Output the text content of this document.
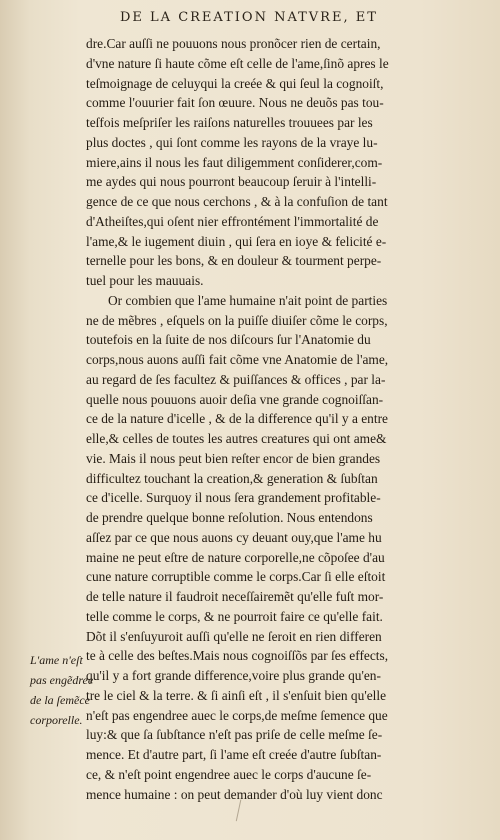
DE LA CREATION NATVRE, ET
dre.Car auſſi ne pouuons nous pronõcer rien de certain,
d'vne nature ſi haute cõme eſt celle de l'ame,ſinõ apres le
teſmoignage de celuyqui la creée & qui ſeul la cognoiſt,
comme l'ouurier fait ſon œuure. Nous ne deuõs pas tou-
teſfois meſpriſer les raiſons naturelles trouuees par les
plus doctes , qui ſont comme les rayons de la vraye lu-
miere,ains il nous les faut diligemment conſiderer,com-
me aydes qui nous pourront beaucoup ſeruir à l'intelli-
gence de ce que nous cerchons , & à la confuſion de tant
d'Atheiſtes,qui oſent nier effrontément l'immortalité de
l'ame,& le iugement diuin , qui ſera en ioye & felicité e-
ternelle pour les bons, & en douleur & tourment perpe-
tuel pour les mauuais.
Or combien que l'ame humaine n'ait point de parties
ne de mẽbres , eſquels on la puiſſe diuiſer cõme le corps,
toutefois en la ſuite de nos diſcours ſur l'Anatomie du
corps,nous auons auſſi fait cõme vne Anatomie de l'ame,
au regard de ſes facultez & puiſſances & offices , par la-
quelle nous pouuons auoir deſia vne grande cognoiſſan-
ce de la nature d'icelle , & de la difference qu'il y a entre
elle,& celles de toutes les autres creatures qui ont ame&
vie. Mais il nous peut bien reſter encor de bien grandes
difficultez touchant la creation,& generation & ſubſtan
ce d'icelle. Surquoy il nous ſera grandement profitable-
de prendre quelque bonne reſolution. Nous entendons
aſſez par ce que nous auons cy deuant ouy,que l'ame hu
maine ne peut eſtre de nature corporelle,ne cõpoſee d'au
cune nature corruptible comme le corps.Car ſi elle eſtoit
de telle nature il faudroit neceſſairemẽt qu'elle fuſt mor-
telle comme le corps, & ne pourroit faire ce qu'elle fait.
Dõt il s'enſuyuroit auſſi qu'elle ne ſeroit en rien differen
te à celle des beſtes.Mais nous cognoiſſõs par ſes effects,
qu'il y a fort grande difference,voire plus grande qu'en-
tre le ciel & la terre. & ſi ainſi eſt , il s'enſuit bien qu'elle
n'eſt pas engendree auec le corps,de meſme ſemence que
luy:& que ſa ſubſtance n'eſt pas priſe de celle meſme ſe-
mence. Et d'autre part, ſi l'ame eſt creée d'autre ſubſtan-
ce, & n'eſt point engendree auec le corps d'aucune ſe-
mence humaine : on peut demander d'où luy vient donc
L'ame n'eſt
pas engẽdree
de la ſemẽce
corporelle.
